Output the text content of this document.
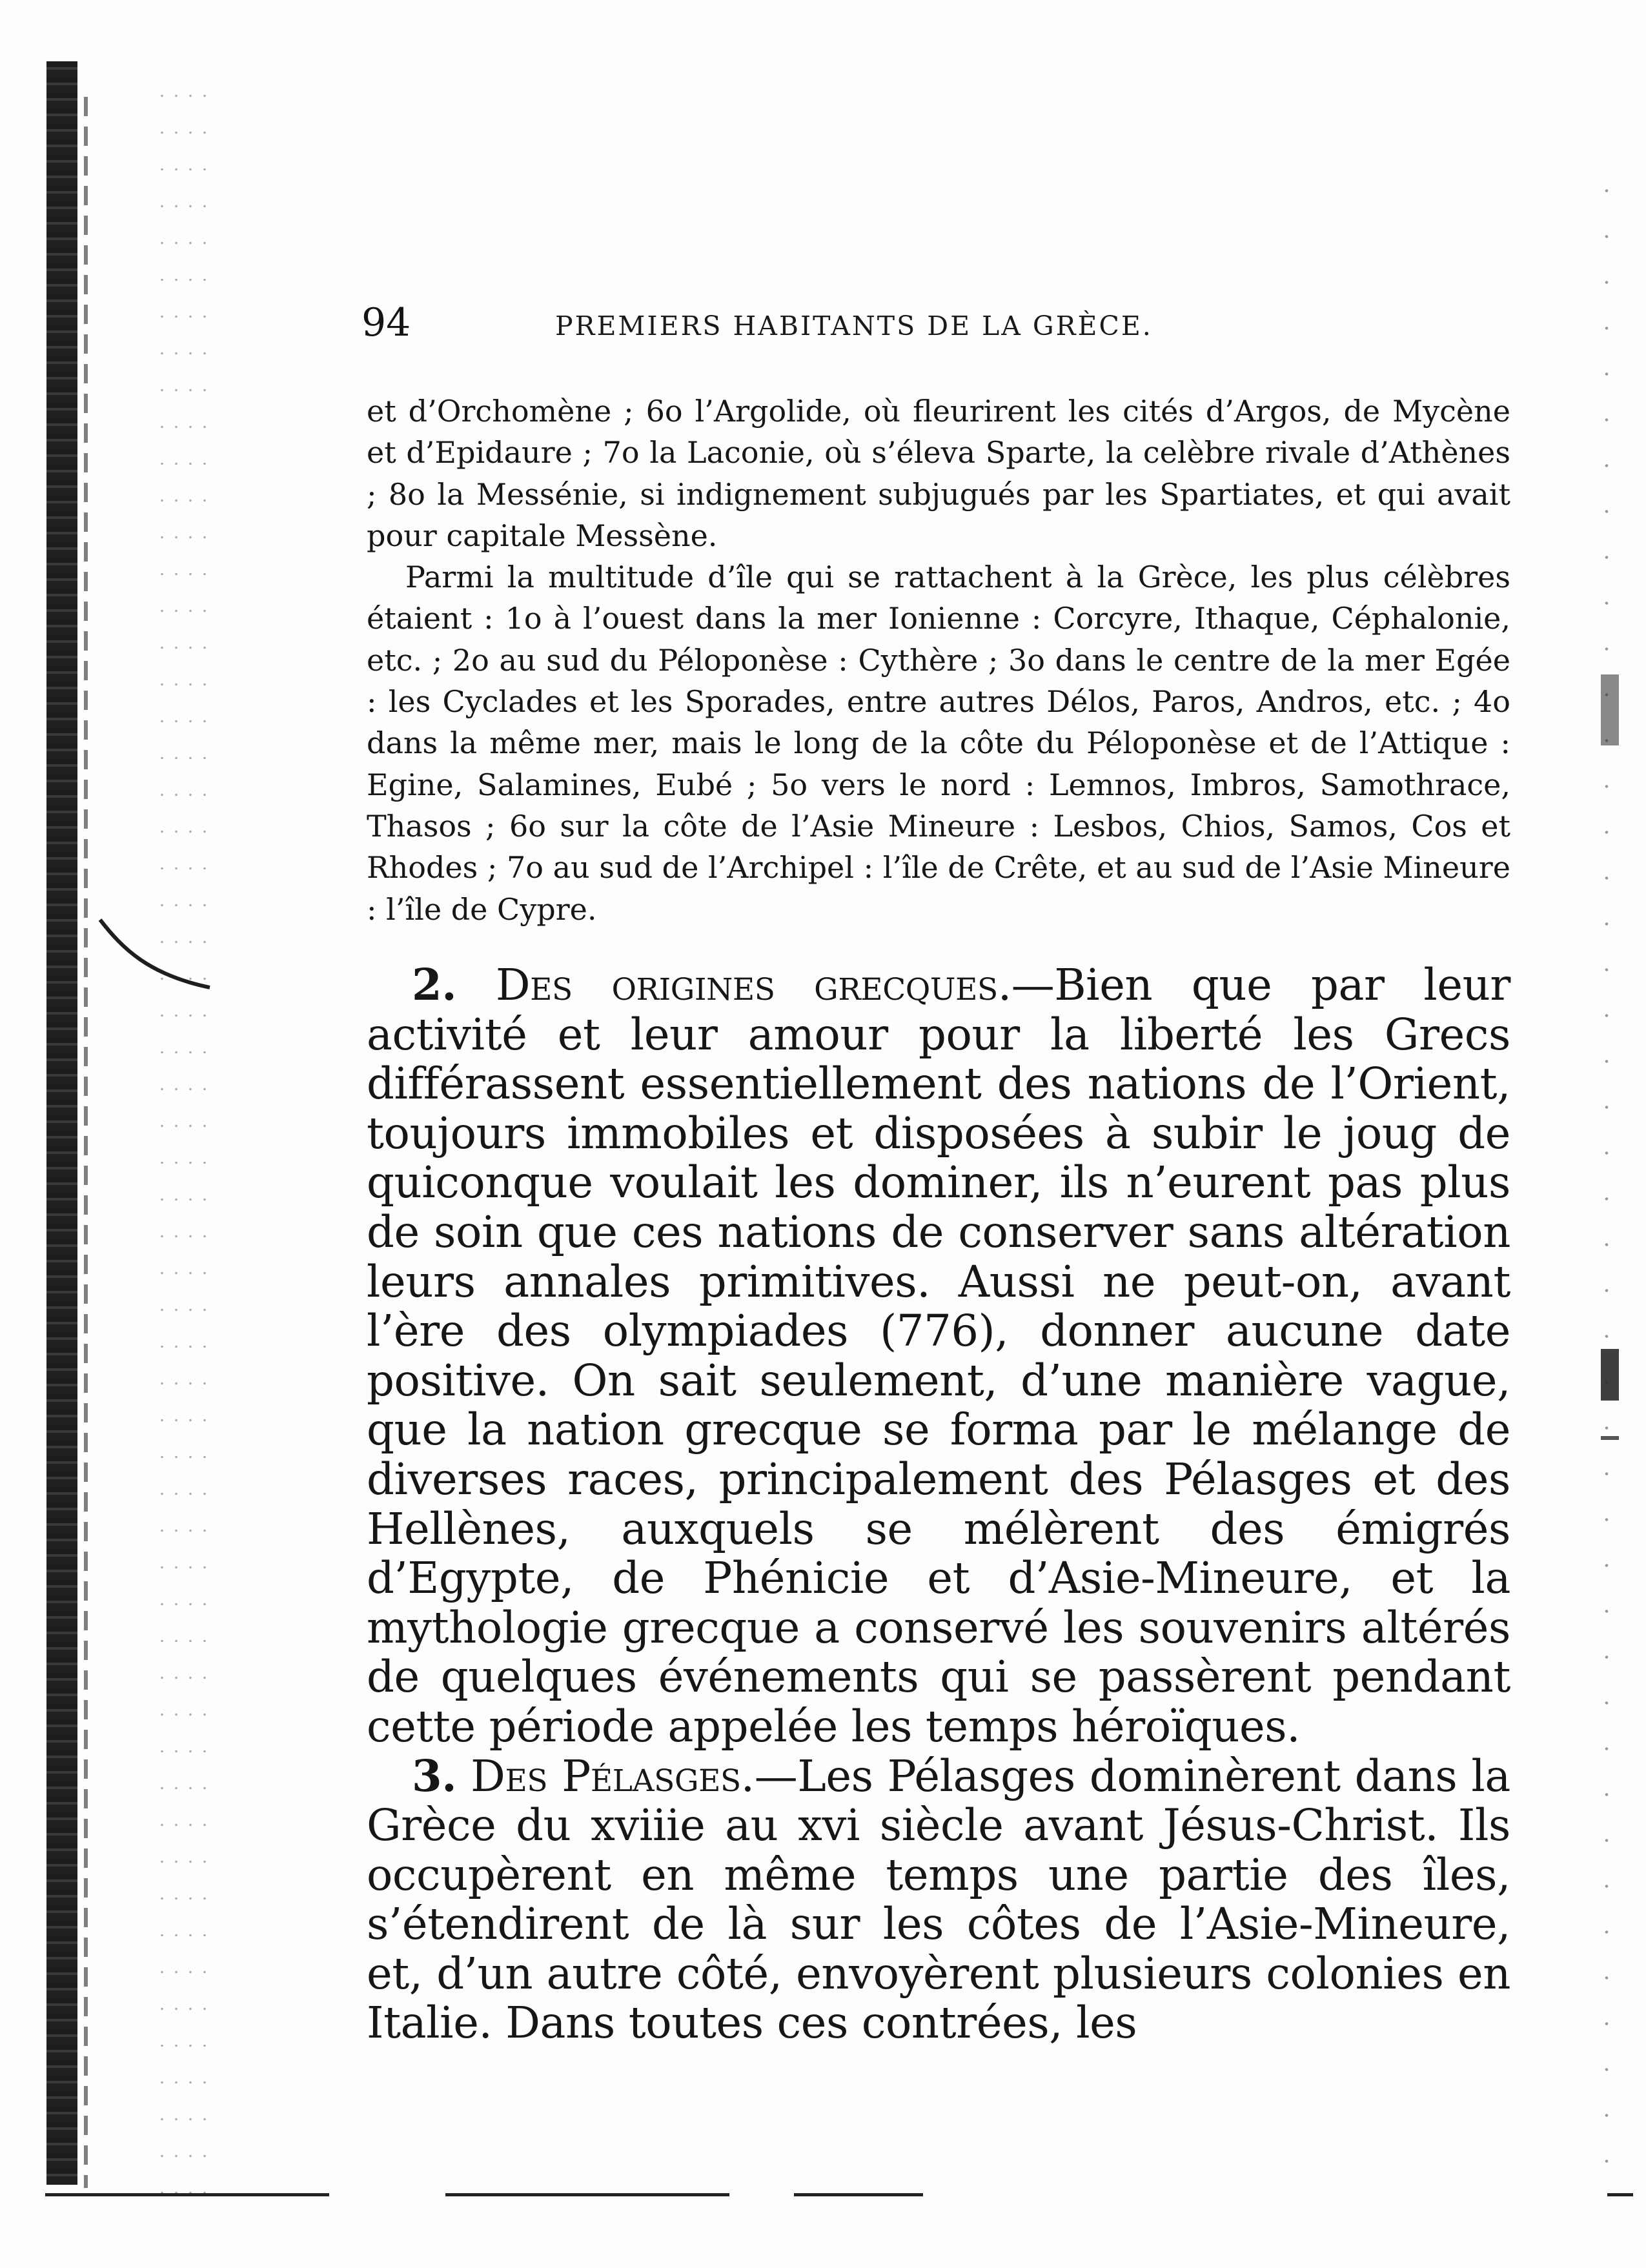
94	PREMIERS HABITANTS DE LA GRÈCE.

et d’Orchomène ; 6o l’Argolide, où fleurirent les cités d’Argos, de Mycène et d’Epidaure ; 7o la Laconie, où s’éleva Sparte, la celèbre rivale d’Athènes ; 8o la Messénie, si indignement subjugués par les Spartiates, et qui avait pour capitale Messène.

Parmi la multitude d’île qui se rattachent à la Grèce, les plus célèbres étaient : 1o à l’ouest dans la mer Ionienne : Corcyre, Ithaque, Céphalonie, etc. ; 2o au sud du Péloponèse : Cythère ; 3o dans le centre de la mer Egée : les Cyclades et les Sporades, entre autres Délos, Paros, Andros, etc. ; 4o dans la même mer, mais le long de la côte du Péloponèse et de l’Attique : Egine, Salamines, Eubé ; 5o vers le nord : Lemnos, Imbros, Samothrace, Thasos ; 6o sur la côte de l’Asie Mineure : Lesbos, Chios, Samos, Cos et Rhodes ; 7o au sud de l’Archipel : l’île de Crête, et au sud de l’Asie Mineure : l’île de Cypre.

2. Des origines grecques.—Bien que par leur activité et leur amour pour la liberté les Grecs différassent essentiellement des nations de l’Orient, toujours immobiles et disposées à subir le joug de quiconque voulait les dominer, ils n’eurent pas plus de soin que ces nations de conserver sans altération leurs annales primitives. Aussi ne peut-on, avant l’ère des olympiades (776), donner aucune date positive. On sait seulement, d’une manière vague, que la nation grecque se forma par le mélange de diverses races, principalement des Pélasges et des Hellènes, auxquels se mélèrent des émigrés d’Egypte, de Phénicie et d’Asie-Mineure, et la mythologie grecque a conservé les souvenirs altérés de quelques événements qui se passèrent pendant cette période appelée les temps héroïques.

3. Des Pélasges.—Les Pélasges dominèrent dans la Grèce du xviiie au xvi siècle avant Jésus-Christ. Ils occupèrent en même temps une partie des îles, s’étendirent de là sur les côtes de l’Asie-Mineure, et, d’un autre côté, envoyèrent plusieurs colonies en Italie. Dans toutes ces contrées, les
